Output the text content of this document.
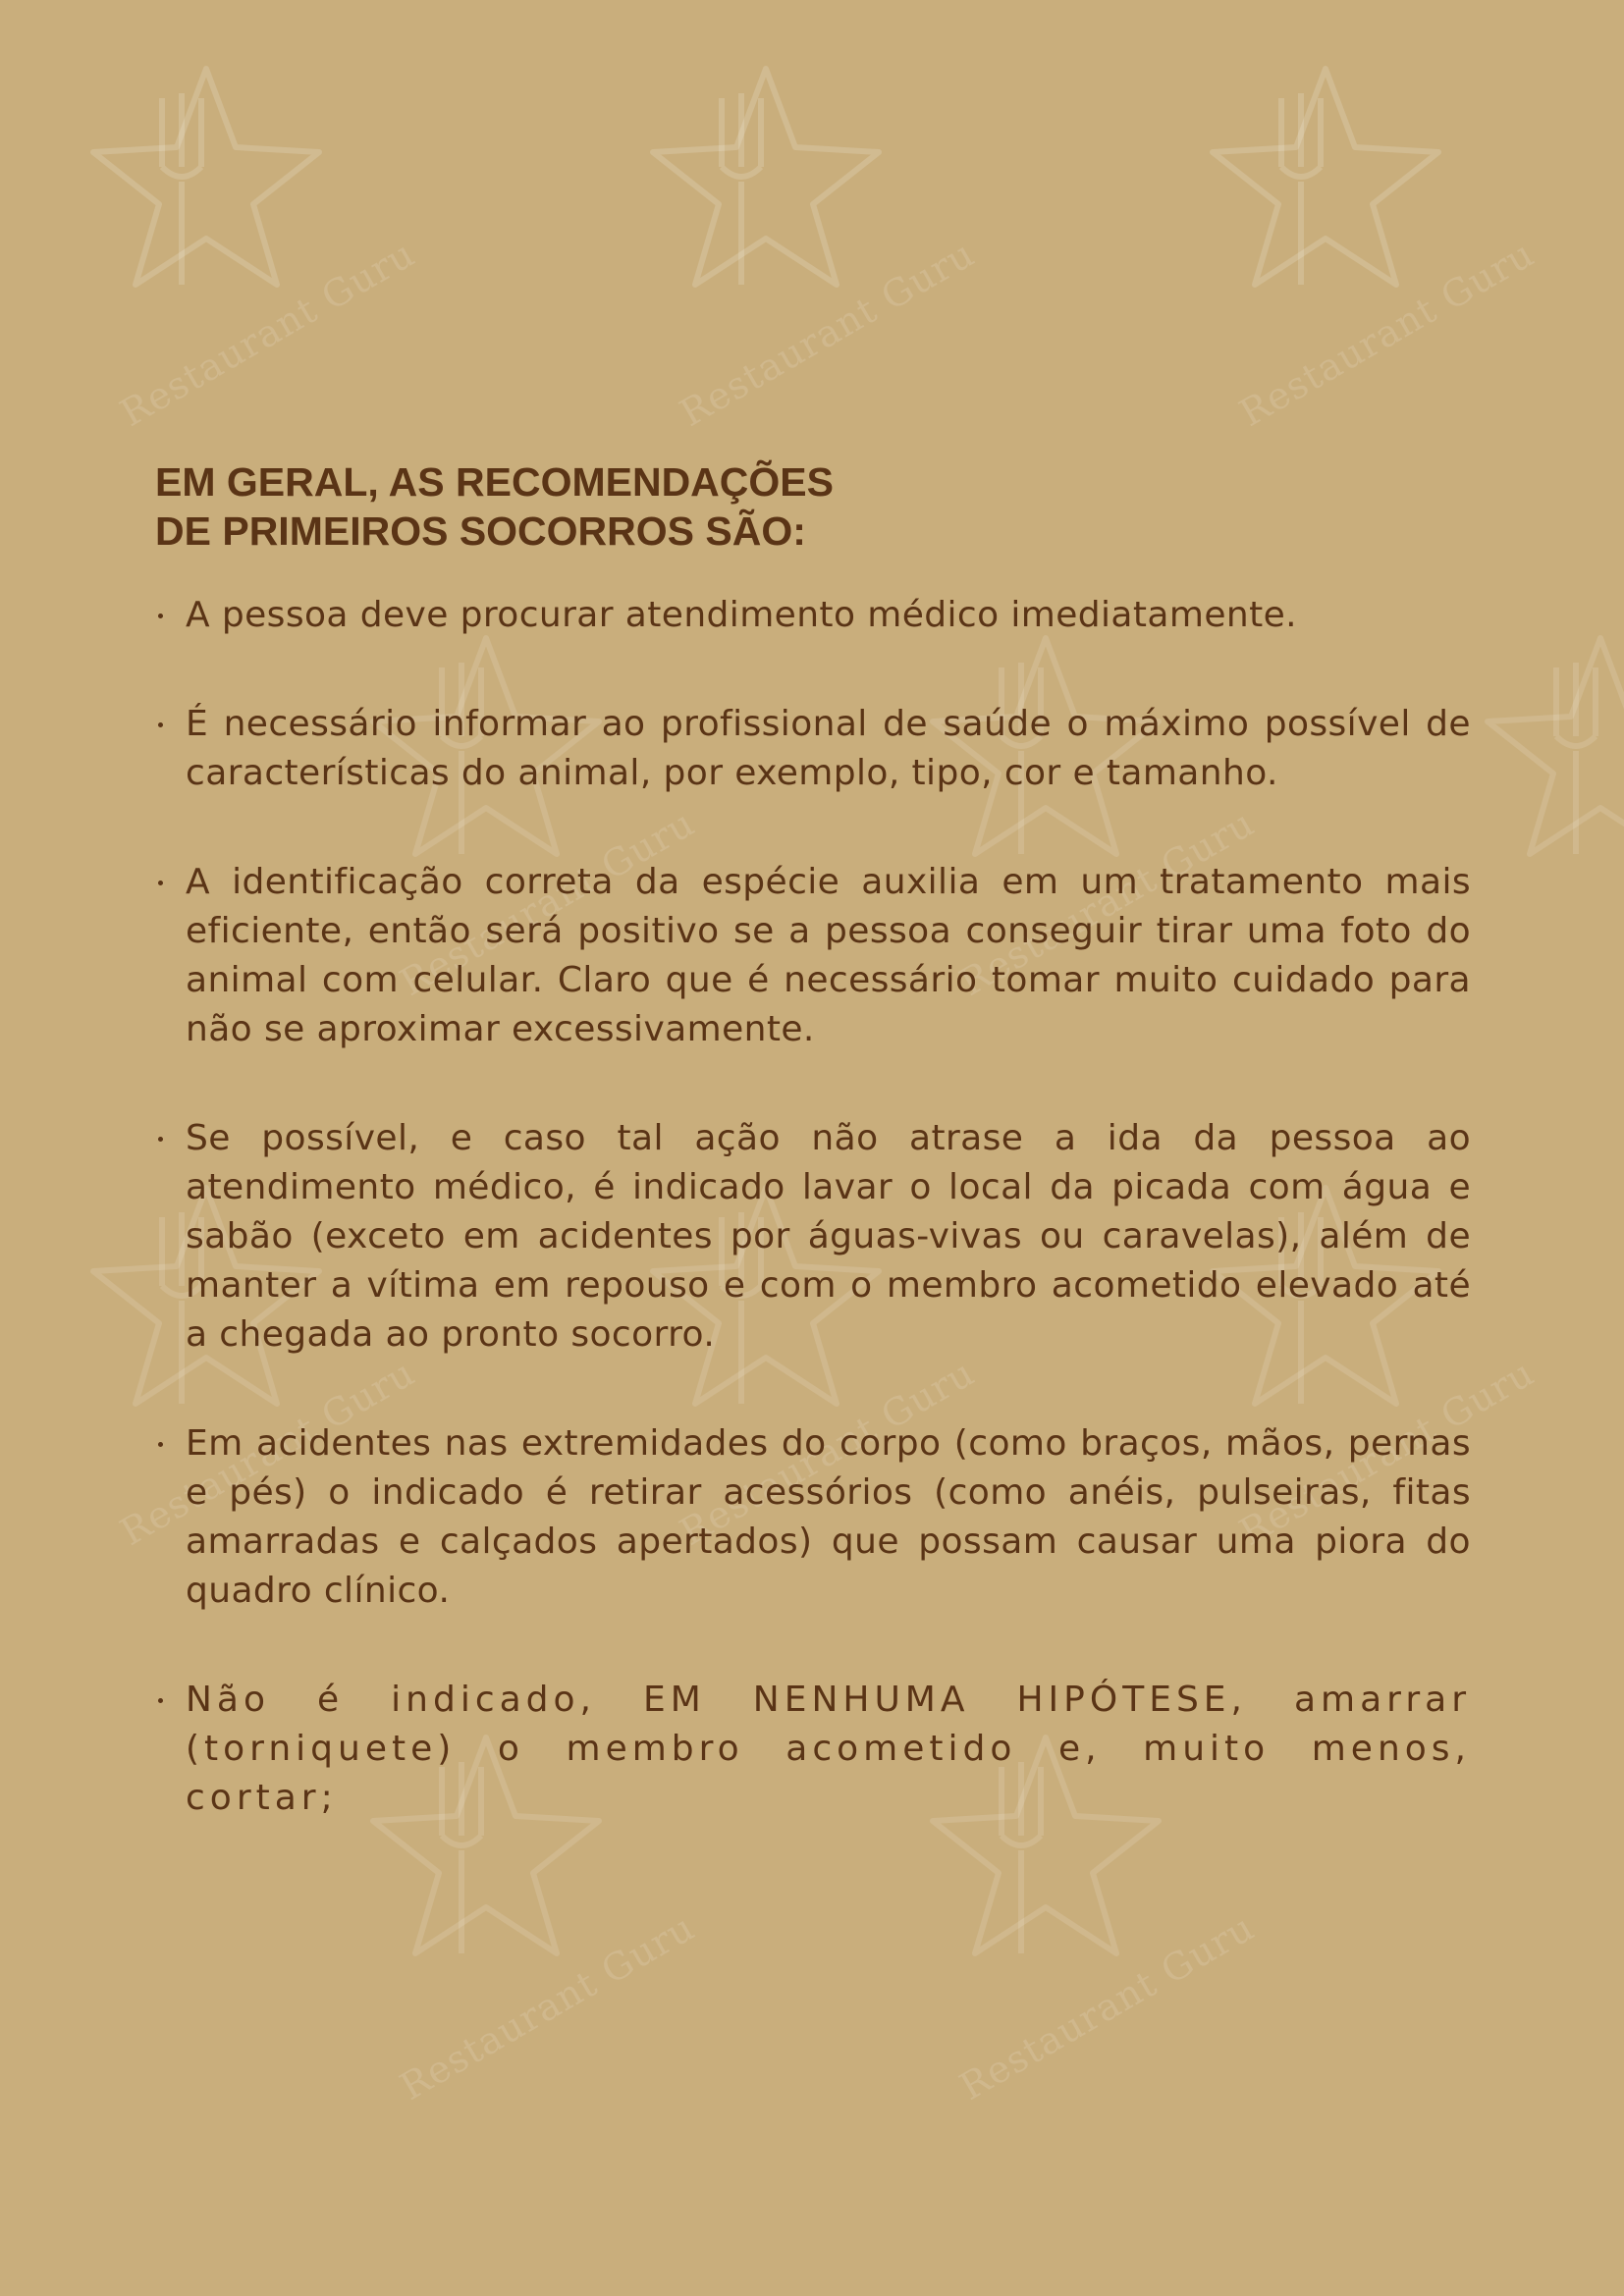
Restaurant Guru	Restaurant Guru	Restaurant Guru
Restaurant Guru	Restaurant Guru
Restaurant Guru	Restaurant Guru	Restaurant Guru
Restaurant Guru	Restaurant Guru
EM GERAL, AS RECOMENDAÇÕES
DE PRIMEIROS SOCORROS SÃO:
A pessoa deve procurar atendimento médico imediatamente.
É necessário informar ao profissional de saúde o máximo possível de características do animal, por exemplo, tipo, cor e tamanho.
A identificação correta da espécie auxilia em um tratamento mais eficiente, então será positivo se a pessoa conseguir tirar uma foto do animal com celular. Claro que é necessário tomar muito cuidado para não se aproximar excessivamente.
Se possível, e caso tal ação não atrase a ida da pessoa ao atendimento médico, é indicado lavar o local da picada com água e sabão (exceto em acidentes por águas-vivas ou caravelas), além de manter a vítima em repouso e com o membro acometido elevado até a chegada ao pronto socorro.
Em acidentes nas extremidades do corpo (como braços, mãos, pernas e pés) o indicado é retirar acessórios (como anéis, pulseiras, fitas amarradas e calçados apertados) que possam causar uma piora do quadro clínico.
Não é indicado, EM NENHUMA HIPÓTESE, amarrar (torniquete) o membro acometido e, muito menos, cortar;
